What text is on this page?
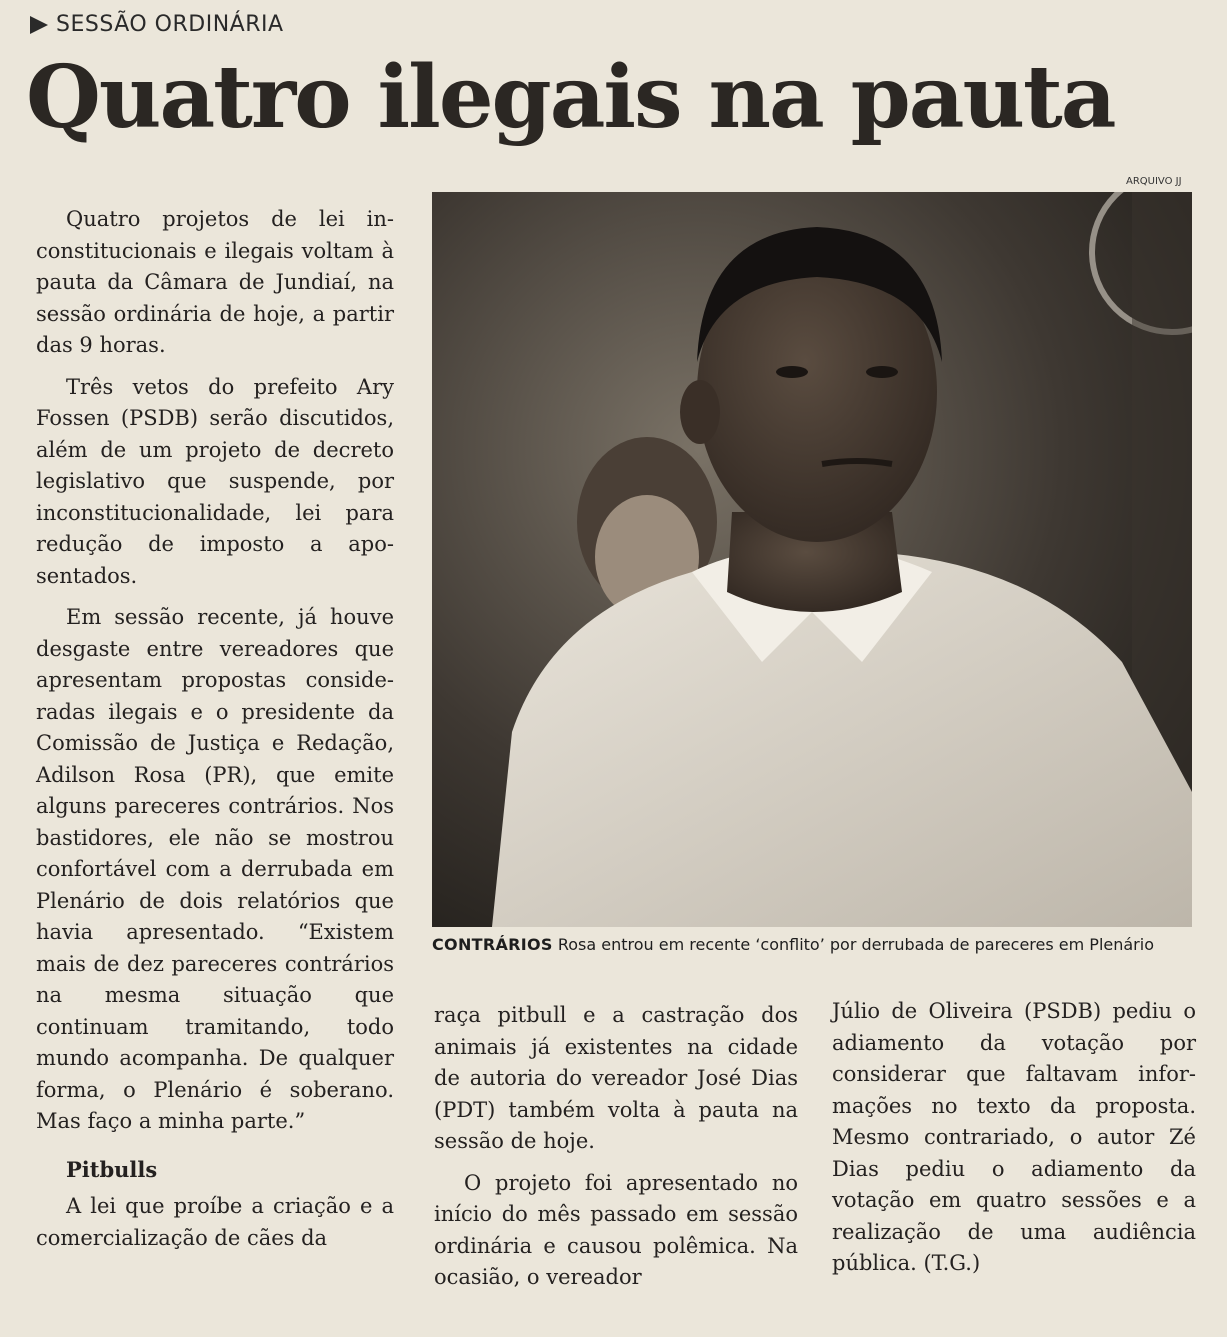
SESSÃO ORDINÁRIA
Quatro ilegais na pauta
ARQUIVO JJ
CONTRÁRIOS Rosa entrou em recente ‘conflito’ por derrubada de pareceres em Plenário

Quatro projetos de lei inconstitucionais e ilegais voltam à pauta da Câmara de Jundiaí, na sessão ordinária de hoje, a partir das 9 horas.

Três vetos do prefeito Ary Fossen (PSDB) serão discutidos, além de um projeto de decreto legislativo que suspende, por inconstitucionalidade, lei para redução de imposto a aposentados.

Em sessão recente, já houve desgaste entre vereadores que apresentam propostas consideradas ilegais e o presidente da Comissão de Justiça e Redação, Adilson Rosa (PR), que emite alguns pareceres contrários. Nos bastidores, ele não se mostrou confortável com a derrubada em Plenário de dois relatórios que havia apresentado. “Existem mais de dez pareceres contrários na mesma situação que continuam tramitando, todo mundo acompanha. De qualquer forma, o Plenário é soberano. Mas faço a minha parte.”

Pitbulls

A lei que proíbe a criação e a comercialização de cães da

raça pitbull e a castração dos animais já existentes na cidade de autoria do vereador José Dias (PDT) também volta à pauta na sessão de hoje.

O projeto foi apresentado no início do mês passado em sessão ordinária e causou polêmica. Na ocasião, o vereador

Júlio de Oliveira (PSDB) pediu o adiamento da votação por considerar que faltavam informações no texto da proposta. Mesmo contrariado, o autor Zé Dias pediu o adiamento da votação em quatro sessões e a realização de uma audiência pública. (T.G.)
